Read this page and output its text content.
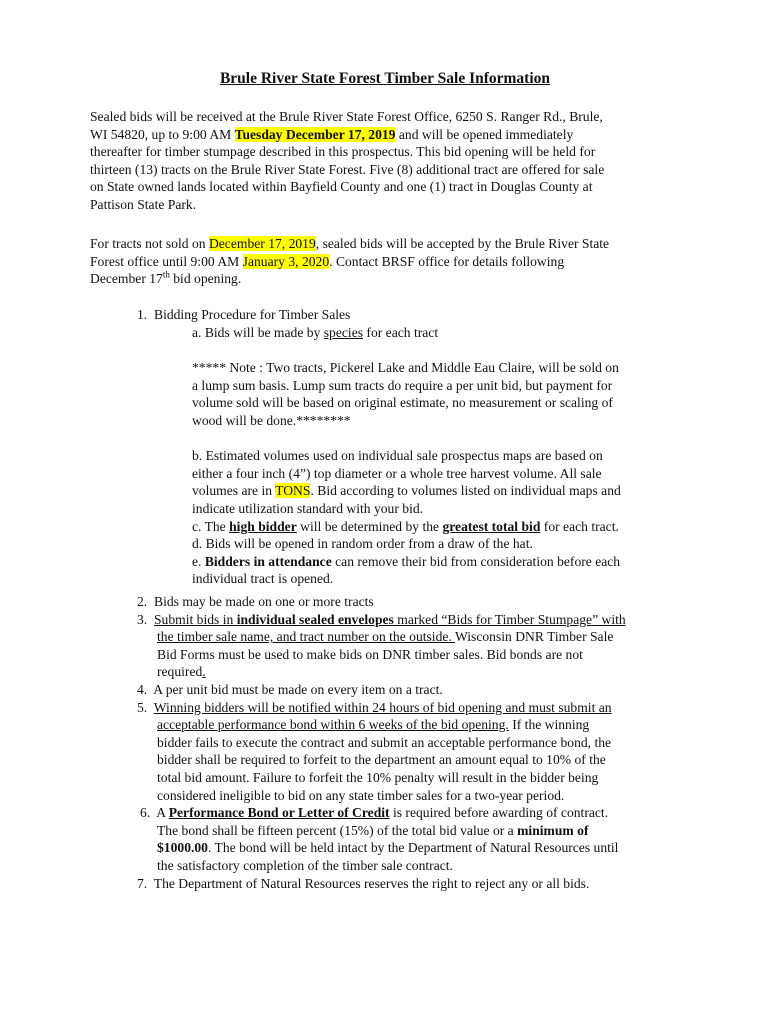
Brule River State Forest Timber Sale Information
Sealed bids will be received at the Brule River State Forest Office, 6250 S. Ranger Rd., Brule,
WI 54820, up to 9:00 AM Tuesday December 17, 2019 and will be opened immediately
thereafter for timber stumpage described in this prospectus. This bid opening will be held for
thirteen (13) tracts on the Brule River State Forest. Five (8) additional tract are offered for sale
on State owned lands located within Bayfield County and one (1) tract in Douglas County at
Pattison State Park.
For tracts not sold on December 17, 2019, sealed bids will be accepted by the Brule River State
Forest office until 9:00 AM January 3, 2020. Contact BRSF office for details following
December 17th bid opening.
1. Bidding Procedure for Timber Sales
a. Bids will be made by species for each tract
***** Note : Two tracts, Pickerel Lake and Middle Eau Claire, will be sold on
a lump sum basis. Lump sum tracts do require a per unit bid, but payment for
volume sold will be based on original estimate, no measurement or scaling of
wood will be done.********
b. Estimated volumes used on individual sale prospectus maps are based on
either a four inch (4”) top diameter or a whole tree harvest volume. All sale
volumes are in TONS. Bid according to volumes listed on individual maps and
indicate utilization standard with your bid.
c. The high bidder will be determined by the greatest total bid for each tract.
d. Bids will be opened in random order from a draw of the hat.
e. Bidders in attendance can remove their bid from consideration before each
individual tract is opened.
2. Bids may be made on one or more tracts
3. Submit bids in individual sealed envelopes marked “Bids for Timber Stumpage” with
the timber sale name, and tract number on the outside. Wisconsin DNR Timber Sale
Bid Forms must be used to make bids on DNR timber sales. Bid bonds are not
required.
4. A per unit bid must be made on every item on a tract.
5. Winning bidders will be notified within 24 hours of bid opening and must submit an
acceptable performance bond within 6 weeks of the bid opening. If the winning
bidder fails to execute the contract and submit an acceptable performance bond, the
bidder shall be required to forfeit to the department an amount equal to 10% of the
total bid amount. Failure to forfeit the 10% penalty will result in the bidder being
considered ineligible to bid on any state timber sales for a two-year period.
6. A Performance Bond or Letter of Credit is required before awarding of contract.
The bond shall be fifteen percent (15%) of the total bid value or a minimum of
$1000.00. The bond will be held intact by the Department of Natural Resources until
the satisfactory completion of the timber sale contract.
7. The Department of Natural Resources reserves the right to reject any or all bids.
